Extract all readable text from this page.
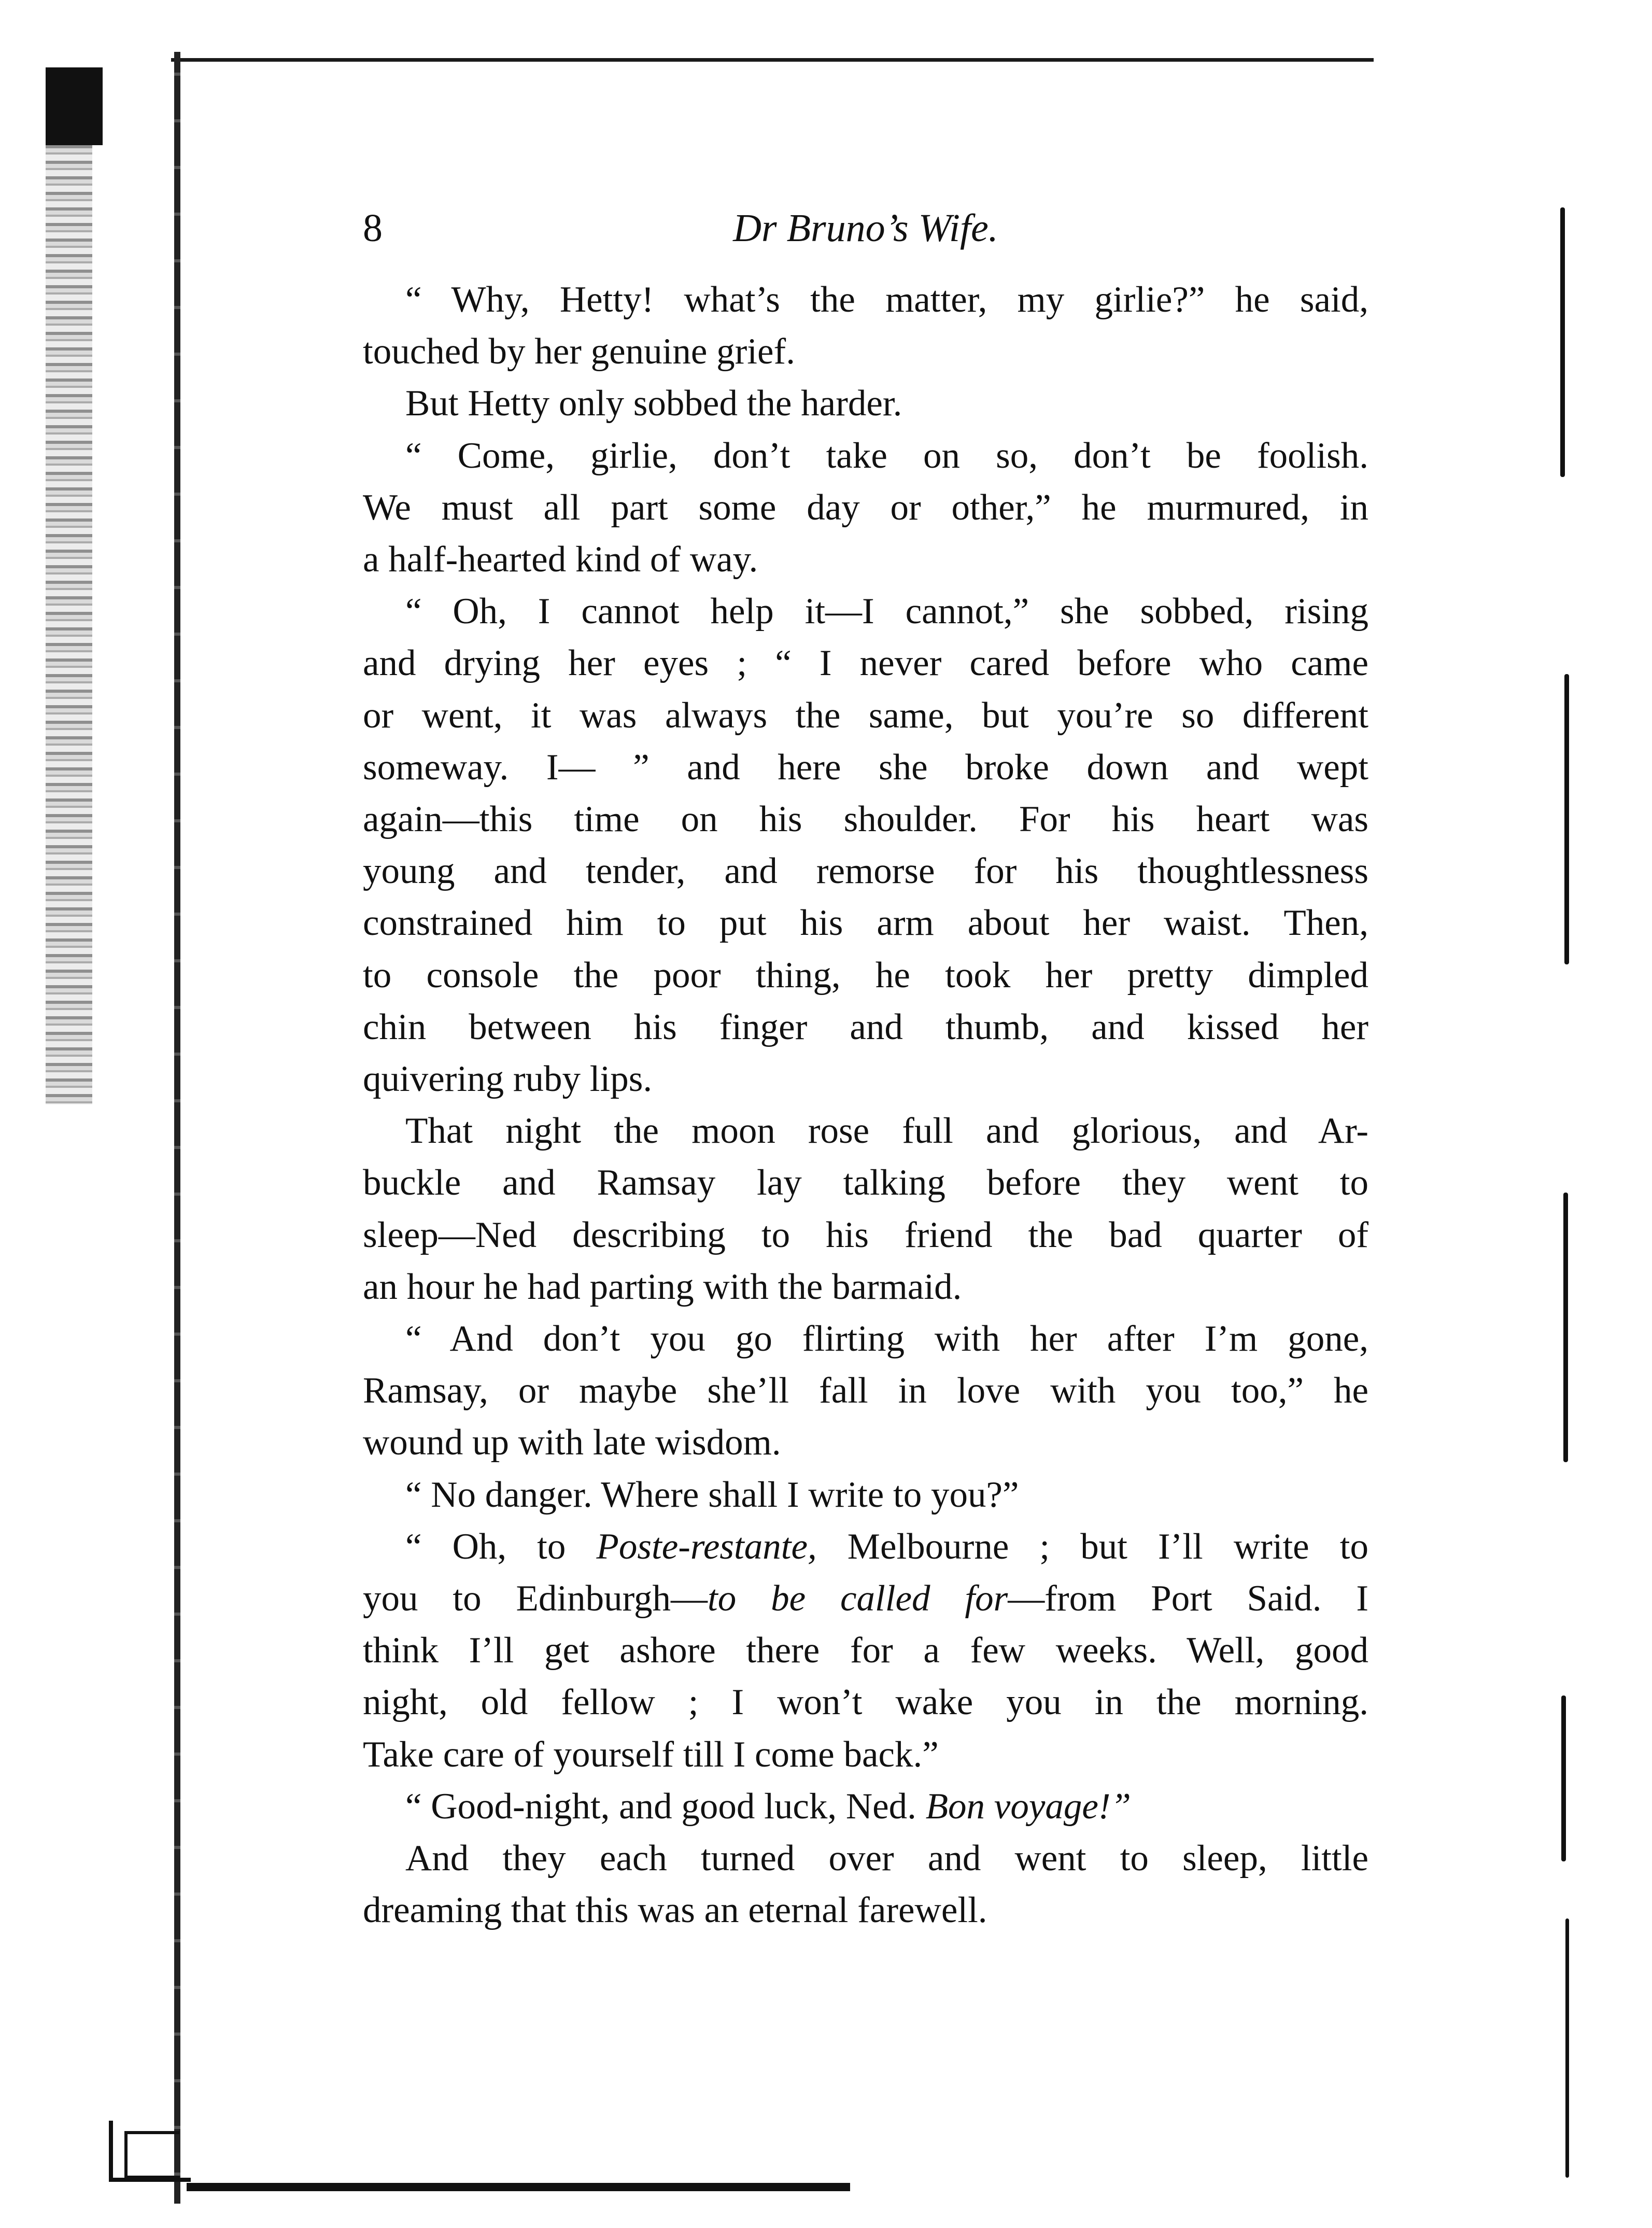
8	Dr Bruno’s Wife.

“ Why, Hetty! what’s the matter, my girlie?” he said,
touched by her genuine grief.

But Hetty only sobbed the harder.

“ Come, girlie, don’t take on so, don’t be foolish.
We must all part some day or other,” he murmured, in
a half-hearted kind of way.

“ Oh, I cannot help it—I cannot,” she sobbed, rising
and drying her eyes ; “ I never cared before who came
or went, it was always the same, but you’re so different
someway. I— ” and here she broke down and wept
again—this time on his shoulder. For his heart was
young and tender, and remorse for his thoughtlessness
constrained him to put his arm about her waist. Then,
to console the poor thing, he took her pretty dimpled
chin between his finger and thumb, and kissed her
quivering ruby lips.

That night the moon rose full and glorious, and Ar-
buckle and Ramsay lay talking before they went to
sleep—Ned describing to his friend the bad quarter of
an hour he had parting with the barmaid.

“ And don’t you go flirting with her after I’m gone,
Ramsay, or maybe she’ll fall in love with you too,” he
wound up with late wisdom.

“ No danger. Where shall I write to you?”

“ Oh, to Poste-restante, Melbourne ; but I’ll write to
you to Edinburgh—to be called for—from Port Said. I
think I’ll get ashore there for a few weeks. Well, good
night, old fellow ; I won’t wake you in the morning.
Take care of yourself till I come back.”

“ Good-night, and good luck, Ned. Bon voyage!”

And they each turned over and went to sleep, little
dreaming that this was an eternal farewell.
